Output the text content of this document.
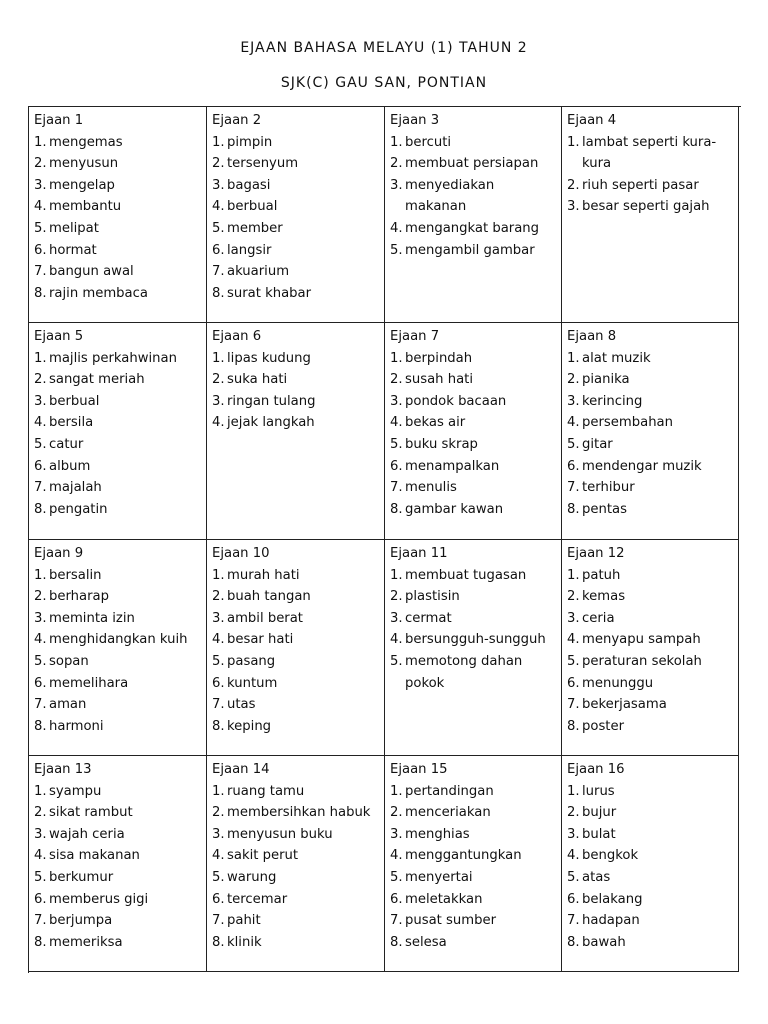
EJAAN BAHASA MELAYU (1) TAHUN 2
SJK(C) GAU SAN, PONTIAN
Ejaan 1
1. mengemas
2. menyusun
3. mengelap
4. membantu
5. melipat
6. hormat
7. bangun awal
8. rajin membaca
Ejaan 2
1. pimpin
2. tersenyum
3. bagasi
4. berbual
5. member
6. langsir
7. akuarium
8. surat khabar
Ejaan 3
1. bercuti
2. membuat persiapan
3. menyediakan makanan
4. mengangkat barang
5. mengambil gambar
Ejaan 4
1. lambat seperti kura-kura
2. riuh seperti pasar
3. besar seperti gajah
Ejaan 5
1. majlis perkahwinan
2. sangat meriah
3. berbual
4. bersila
5. catur
6. album
7. majalah
8. pengatin
Ejaan 6
1. lipas kudung
2. suka hati
3. ringan tulang
4. jejak langkah
Ejaan 7
1. berpindah
2. susah hati
3. pondok bacaan
4. bekas air
5. buku skrap
6. menampalkan
7. menulis
8. gambar kawan
Ejaan 8
1. alat muzik
2. pianika
3. kerincing
4. persembahan
5. gitar
6. mendengar muzik
7. terhibur
8. pentas
Ejaan 9
1. bersalin
2. berharap
3. meminta izin
4. menghidangkan kuih
5. sopan
6. memelihara
7. aman
8. harmoni
Ejaan 10
1. murah hati
2. buah tangan
3. ambil berat
4. besar hati
5. pasang
6. kuntum
7. utas
8. keping
Ejaan 11
1. membuat tugasan
2. plastisin
3. cermat
4. bersungguh-sungguh
5. memotong dahan pokok
Ejaan 12
1. patuh
2. kemas
3. ceria
4. menyapu sampah
5. peraturan sekolah
6. menunggu
7. bekerjasama
8. poster
Ejaan 13
1. syampu
2. sikat rambut
3. wajah ceria
4. sisa makanan
5. berkumur
6. memberus gigi
7. berjumpa
8. memeriksa
Ejaan 14
1. ruang tamu
2. membersihkan habuk
3. menyusun buku
4. sakit perut
5. warung
6. tercemar
7. pahit
8. klinik
Ejaan 15
1. pertandingan
2. menceriakan
3. menghias
4. menggantungkan
5. menyertai
6. meletakkan
7. pusat sumber
8. selesa
Ejaan 16
1. lurus
2. bujur
3. bulat
4. bengkok
5. atas
6. belakang
7. hadapan
8. bawah
